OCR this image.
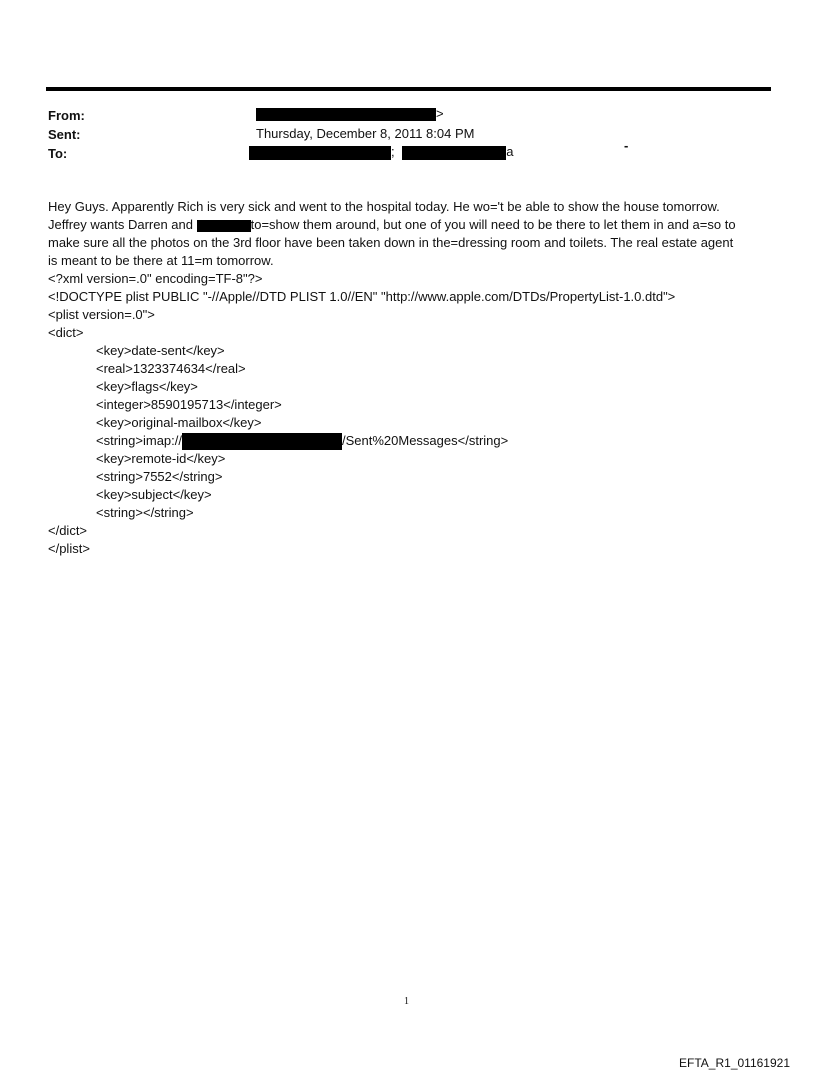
From:	>
Sent:	Thursday, December 8, 2011 8:04 PM
To:	;	a	-
Hey Guys. Apparently Rich is very sick and went to the hospital today. He wo='t be able to show the house tomorrow.
Jeffrey wants Darren and	to=show them around, but one of you will need to be there to let them in and a=so to
make sure all the photos on the 3rd floor have been taken down in the=dressing room and toilets. The real estate agent
is meant to be there at 11=m tomorrow.
<?xml version=.0" encoding=TF-8"?>
<!DOCTYPE plist PUBLIC "-//Apple//DTD PLIST 1.0//EN" "http://www.apple.com/DTDs/PropertyList-1.0.dtd">
<plist version=.0">
<dict>
<key>date-sent</key>
<real>1323374634</real>
<key>flags</key>
<integer>8590195713</integer>
<key>original-mailbox</key>
<string>imap://	/Sent%20Messages</string>
<key>remote-id</key>
<string>7552</string>
<key>subject</key>
<string></string>
</dict>
</plist>
1
EFTA_R1_01161921
